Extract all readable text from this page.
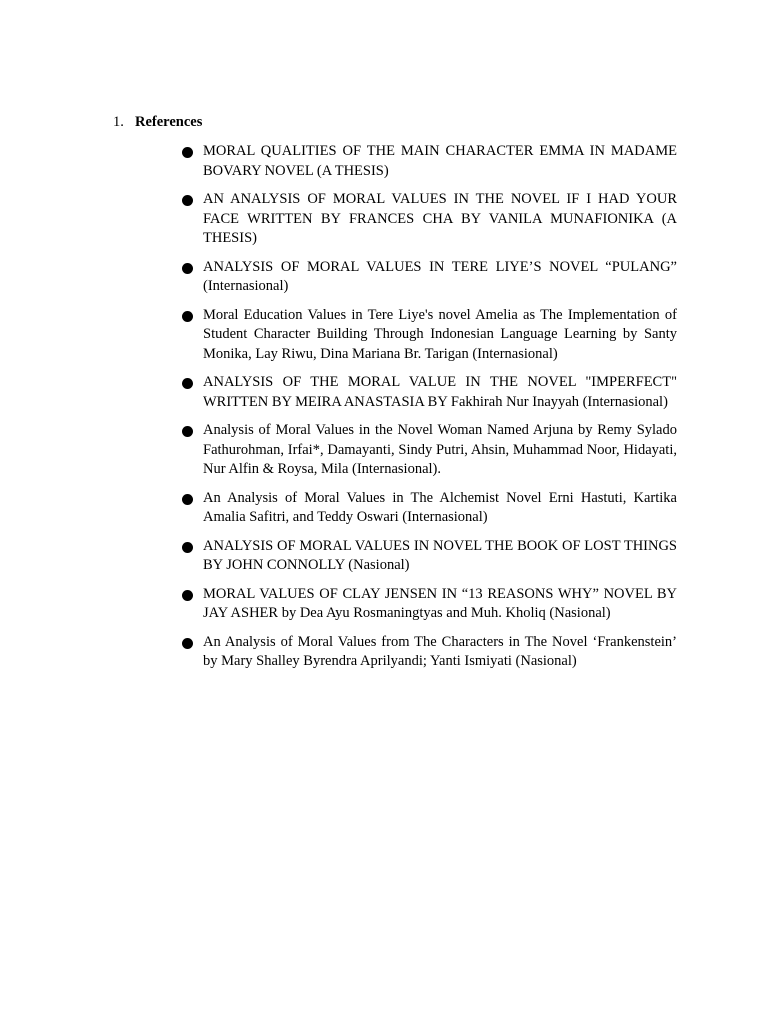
1. References
MORAL QUALITIES OF THE MAIN CHARACTER EMMA IN MADAME BOVARY NOVEL (A THESIS)
AN ANALYSIS OF MORAL VALUES IN THE NOVEL IF I HAD YOUR FACE WRITTEN BY FRANCES CHA BY VANILA MUNAFIONIKA (A THESIS)
ANALYSIS OF MORAL VALUES IN TERE LIYE’S NOVEL “PULANG” (Internasional)
Moral Education Values in Tere Liye's novel Amelia as The Implementation of Student Character Building Through Indonesian Language Learning by Santy Monika, Lay Riwu, Dina Mariana Br. Tarigan (Internasional)
ANALYSIS OF THE MORAL VALUE IN THE NOVEL "IMPERFECT" WRITTEN BY MEIRA ANASTASIA BY Fakhirah Nur Inayyah (Internasional)
Analysis of Moral Values in the Novel Woman Named Arjuna by Remy Sylado Fathurohman, Irfai*, Damayanti, Sindy Putri, Ahsin, Muhammad Noor, Hidayati, Nur Alfin & Roysa, Mila (Internasional).
An Analysis of Moral Values in The Alchemist Novel Erni Hastuti, Kartika Amalia Safitri, and Teddy Oswari (Internasional)
ANALYSIS OF MORAL VALUES IN NOVEL THE BOOK OF LOST THINGS BY JOHN CONNOLLY (Nasional)
MORAL VALUES OF CLAY JENSEN IN “13 REASONS WHY” NOVEL BY JAY ASHER by Dea Ayu Rosmaningtyas and Muh. Kholiq (Nasional)
An Analysis of Moral Values from The Characters in The Novel ‘Frankenstein’ by Mary Shalley Byrendra Aprilyandi; Yanti Ismiyati (Nasional)
